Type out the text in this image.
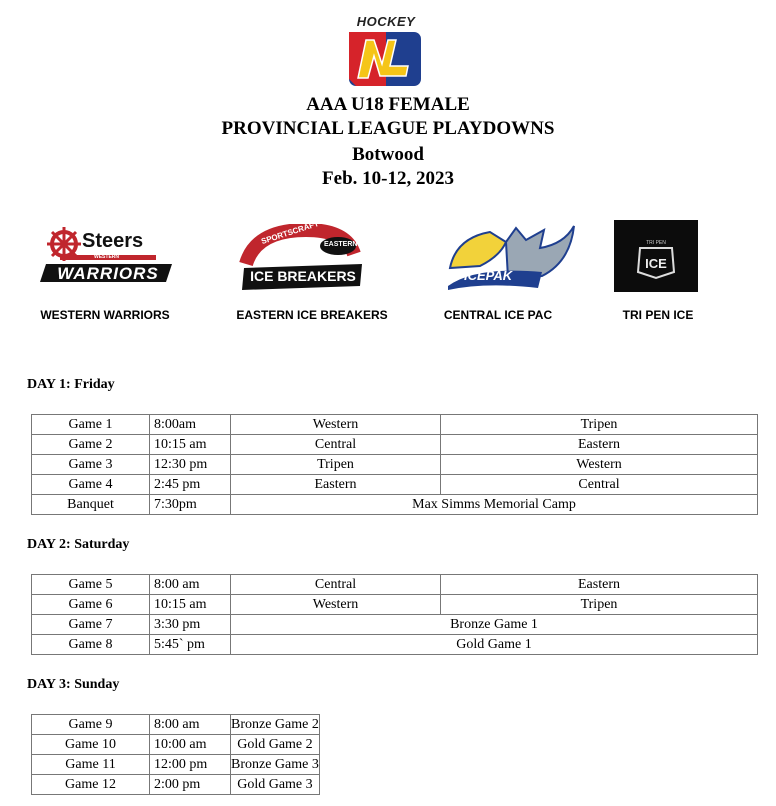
HOCKEY
AAA U18 FEMALE
PROVINCIAL LEAGUE PLAYDOWNS
Botwood
Feb. 10-12, 2023
Steers
WESTERN
WARRIORS
WESTERN WARRIORS
SPORTSCRAFT EASTERN
ICE BREAKERS
EASTERN ICE BREAKERS
ICEPAK
CENTRAL ICE PAC
TRI PEN
ICE
TRI PEN ICE
DAY 1: Friday
Game 1	8:00am	Western	Tripen
Game 2	10:15 am	Central	Eastern
Game 3	12:30 pm	Tripen	Western
Game 4	2:45 pm	Eastern	Central
Banquet	7:30pm	Max Simms Memorial Camp	
DAY 2: Saturday
Game 5	8:00 am	Central	Eastern
Game 6	10:15 am	Western	Tripen
Game 7	3:30 pm	Bronze Game 1	
Game 8	5:45` pm	Gold Game 1	
DAY 3: Sunday
Game 9	8:00 am	Bronze Game 2
Game 10	10:00 am	Gold Game 2
Game 11	12:00 pm	Bronze Game 3
Game 12	2:00 pm	Gold Game 3
